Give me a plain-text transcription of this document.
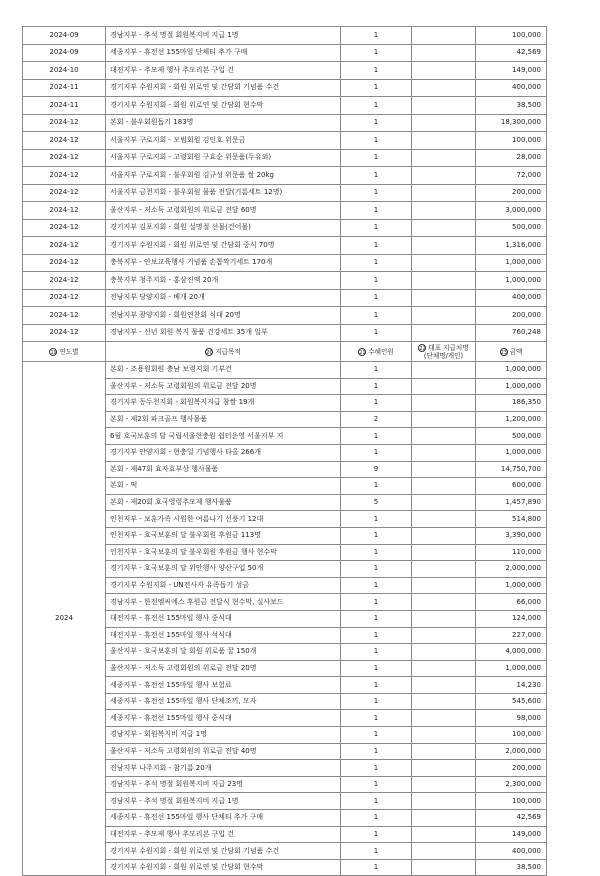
2024-09	경남지부 - 추석 명절 회원복지비 지급 1명	1		100,000
2024-09	세종지부 - 휴전선 155마일 단체티 추가 구매	1		42,569
2024-10	대전지부 - 추모제 행사 추모리본 구입 건	1		149,000
2024-11	경기지부 수원지회 - 회원 위로연 및 간담회 기념품 수건	1		400,000
2024-11	경기지부 수원지회 - 회원 위로연 및 간담회 현수막	1		38,500
2024-12	본회 - 불우회원돕기 183명	1		18,300,000
2024-12	서울지부 구로지회 - 모범회원 김인호 위문금	1		100,000
2024-12	서울지부 구로지회 - 고령회원 구효순 위문품(두유외)	1		28,000
2024-12	서울지부 구로지회 - 불우회원 김규성 위문품 쌀 20kg	1		72,000
2024-12	서울지부 금천지회 - 불우회원 물품 전달(기름세트 12명)	1		200,000
2024-12	울산지부 - 저소득 고령회원의 위로금 전달 60명	1		3,000,000
2024-12	경기지부 김포지회 - 회원 설명절 선물(건어물)	1		500,000
2024-12	경기지부 수원지회 - 회원 위로연 및 간담회 중식 70명	1		1,316,000
2024-12	충북지부 - 안보교육행사 기념품 손톱깍기세트 170개	1		1,000,000
2024-12	충북지부 청주지회 - 홍삼진액 20개	1		1,000,000
2024-12	전남지부 당양지회 - 베개 20개	1		400,000
2024-12	전남지부 광양지회 - 회원연찬회 식대 20명	1		200,000
2024-12	경남지부 - 신년 회원 복지 물품 건강세트 35개 일부	1		760,248
19 연도별	20 지급목적	21 수혜인원	22 대표 지급처명 (단체명/개인)	23 금액
2024	본회 - 조용원회원 충남 보령지회 기부건	1		1,000,000
	울산지부 - 저소득 고령회원의 위로금 전달 20명	1		1,000,000
	경기지부 동두천지회 - 회원복지지급 참쌀 19개	1		186,350
	본회 - 제2회 파크골프 행사물품	2		1,200,000
	6월 호국보훈의 달 국립서울현충원 쉼터운영 서울지부 지	1		500,000
	경기지부 안양지회 - 현충일 기념행사 타올 266개	1		1,000,000
	본회 - 제47회 효자효부상 행사물품	9		14,750,700
	본회 - 떡	1		600,000
	본회 - 제20회 호국영령추모제 행사물품	5		1,457,890
	인천지부 - 보훈가족 시원한 여름나기 선풍기 12대	1		514,800
	인천지부 - 호국보훈의 달 불우회원 후원금 113명	1		3,390,000
	인천지부 - 호국보훈의 달 불우회원 후원금 행사 현수막	1		110,000
	경기지부 - 호국보훈의 달 위안행사 양산구입 50개	1		2,000,000
	경기지부 수원지회 - UN전사자 유족돕기 성금	1		1,000,000
	경남지부 - 한전엠씨에스 후원금 전달식 현수막, 실사보드	1		66,000
	대전지부 - 휴전선 155마일 행사 중식대	1		124,000
	대전지부 - 휴전선 155마일 행사 석식대	1		227,000
	울산지부 - 호국보훈의 달 회원 위로품 꿀 150개	1		4,000,000
	울산지부 - 저소득 고령회원의 위로금 전달 20명	1		1,000,000
	세종지부 - 휴전선 155마일 행사 보험료	1		14,230
	세종지부 - 휴전선 155마일 행사 단체조끼, 모자	1		545,600
	세종지부 - 휴전선 155마일 행사 중식대	1		98,000
	경남지부 - 회원복지비 지급 1명	1		100,000
	울산지부 - 저소득 고령회원의 위로금 전달 40명	1		2,000,000
	전남지부 나주지회 - 참기름 20개	1		200,000
	경남지부 - 추석 명절 회원복지비 지급 23명	1		2,300,000
	경남지부 - 추석 명절 회원복지비 지급 1명	1		100,000
	세종지부 - 휴전선 155마일 행사 단체티 추가 구매	1		42,569
	대전지부 - 추모제 행사 추모리본 구입 건	1		149,000
	경기지부 수원지회 - 회원 위로연 및 간담회 기념품 수건	1		400,000
	경기지부 수원지회 - 회원 위로연 및 간담회 현수막	1		38,500
